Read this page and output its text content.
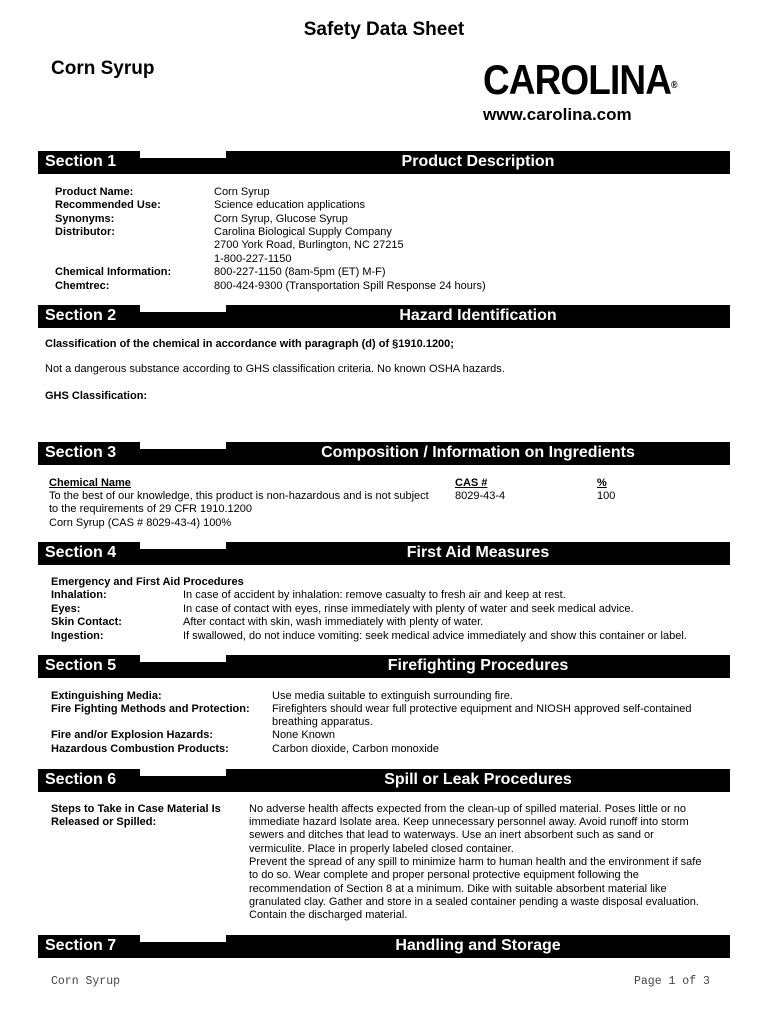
Safety Data Sheet
Corn Syrup	CAROLINA®
www.carolina.com
Section 1	Product Description
Product Name:	Corn Syrup
Recommended Use:	Science education applications
Synonyms:	Corn Syrup, Glucose Syrup
Distributor:	Carolina Biological Supply Company
2700 York Road, Burlington, NC 27215
1-800-227-1150
Chemical Information:	800-227-1150 (8am-5pm (ET) M-F)
Chemtrec:	800-424-9300 (Transportation Spill Response 24 hours)
Section 2	Hazard Identification
Classification of the chemical in accordance with paragraph (d) of §1910.1200;
Not a dangerous substance according to GHS classification criteria. No known OSHA hazards.
GHS Classification:
Section 3	Composition / Information on Ingredients
Chemical Name	CAS #	%
To the best of our knowledge, this product is non-hazardous and is not subject 8029-43-4	100
to the requirements of 29 CFR 1910.1200
Corn Syrup (CAS # 8029-43-4) 100%
Section 4	First Aid Measures
Emergency and First Aid Procedures
Inhalation:	In case of accident by inhalation: remove casualty to fresh air and keep at rest.
Eyes:	In case of contact with eyes, rinse immediately with plenty of water and seek medical advice.
Skin Contact:	After contact with skin, wash immediately with plenty of water.
Ingestion:	If swallowed, do not induce vomiting: seek medical advice immediately and show this container or label.
Section 5	Firefighting Procedures
Extinguishing Media:	Use media suitable to extinguish surrounding fire.
Fire Fighting Methods and Protection: Firefighters should wear full protective equipment and NIOSH approved self-contained
breathing apparatus.
Fire and/or Explosion Hazards:	None Known
Hazardous Combustion Products:	Carbon dioxide, Carbon monoxide
Section 6	Spill or Leak Procedures
Steps to Take in Case Material Is
Released or Spilled:
No adverse health affects expected from the clean-up of spilled material. Poses little or no
immediate hazard Isolate area. Keep unnecessary personnel away. Avoid runoff into storm
sewers and ditches that lead to waterways. Use an inert absorbent such as sand or
vermiculite. Place in properly labeled closed container.
Prevent the spread of any spill to minimize harm to human health and the environment if safe
to do so. Wear complete and proper personal protective equipment following the
recommendation of Section 8 at a minimum. Dike with suitable absorbent material like
granulated clay. Gather and store in a sealed container pending a waste disposal evaluation.
Contain the discharged material.
Section 7	Handling and Storage
Corn Syrup	Page 1 of 3
